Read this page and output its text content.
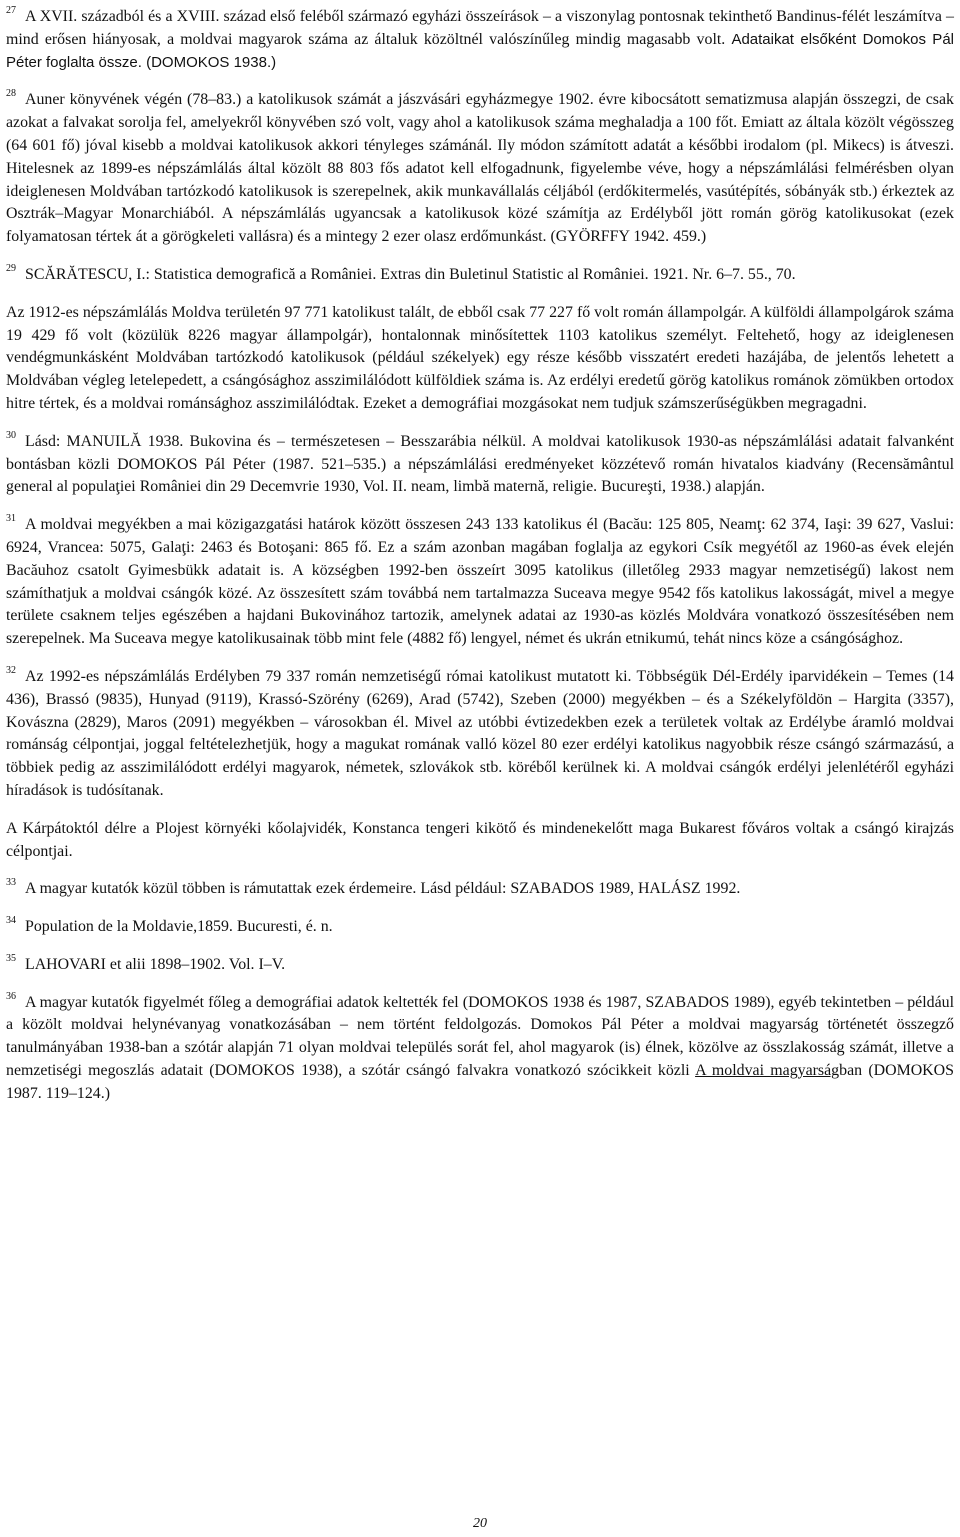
$^{27}$ A XVII. századból és a XVIII. század első feléből származó egyházi összeírások – a viszonylag pontosnak tekinthető Bandinus-félét leszámítva – mind erősen hiányosak, a moldvai magyarok száma az általuk közöltnél valószínűleg mindig magasabb volt. Adataikat elsőként Domokos Pál Péter foglalta össze. (DOMOKOS 1938.)

$^{28}$ Auner könyvének végén (78–83.) a katolikusok számát a jászvásári egyházmegye 1902. évre kibocsátott sematizmusa alapján összegzi, de csak azokat a falvakat sorolja fel, amelyekről könyvében szó volt, vagy ahol a katolikusok száma meghaladja a 100 főt. Emiatt az általa közölt végösszeg (64 601 fő) jóval kisebb a moldvai katolikusok akkori tényleges számánál. Ily módon számított adatát a későbbi irodalom (pl. Mikecs) is átveszi. Hitelesnek az 1899-es népszámlálás által közölt 88 803 fős adatot kell elfogadnunk, figyelembe véve, hogy a népszámlálási felmérésben olyan ideiglenesen Moldvában tartózkodó katolikusok is szerepelnek, akik munkavállalás céljából (erdőkitermelés, vasútépítés, sóbányák stb.) érkeztek az Osztrák–Magyar Monarchiából. A népszámlálás ugyancsak a katolikusok közé számítja az Erdélyből jött román görög katolikusokat (ezek folyamatosan tértek át a görögkeleti vallásra) és a mintegy 2 ezer olasz erdőmunkást. (GYÖRFFY 1942. 459.)

$^{29}$ SCĂRĂTESCU, I.: Statistica demografică a României. Extras din Buletinul Statistic al României. 1921. Nr. 6–7. 55., 70.

Az 1912-es népszámlálás Moldva területén 97 771 katolikust talált, de ebből csak 77 227 fő volt román állampolgár. A külföldi állampolgárok száma 19 429 fő volt (közülük 8226 magyar állampolgár), hontalonnak minősítettek 1103 katolikus személyt. Feltehető, hogy az ideiglenesen vendégmunkásként Moldvában tartózkodó katolikusok (például székelyek) egy része később visszatért eredeti hazájába, de jelentős lehetett a Moldvában végleg letelepedett, a csángósághoz asszimilálódott külföldiek száma is. Az erdélyi eredetű görög katolikus románok zömükben ortodox hitre tértek, és a moldvai románsághoz asszimilálódtak. Ezeket a demográfiai mozgásokat nem tudjuk számszerűségükben megragadni.

$^{30}$ Lásd: MANUILĂ 1938. Bukovina és – természetesen – Besszarábia nélkül. A moldvai katolikusok 1930-as népszámlálási adatait falvanként bontásban közli DOMOKOS Pál Péter (1987. 521–535.) a népszámlálási eredményeket közzétevő román hivatalos kiadvány (Recensământul general al populaţiei României din 29 Decemvrie 1930, Vol. II. neam, limbă maternă, religie. Bucureşti, 1938.) alapján.

$^{31}$ A moldvai megyékben a mai közigazgatási határok között összesen 243 133 katolikus él (Bacău: 125 805, Neamţ: 62 374, Iaşi: 39 627, Vaslui: 6924, Vrancea: 5075, Galaţi: 2463 és Botoşani: 865 fő. Ez a szám azonban magában foglalja az egykori Csík megyétől az 1960-as évek elején Bacăuhoz csatolt Gyimesbükk adatait is. A községben 1992-ben összeírt 3095 katolikus (illetőleg 2933 magyar nemzetiségű) lakost nem számíthatjuk a moldvai csángók közé. Az összesített szám továbbá nem tartalmazza Suceava megye 9542 fős katolikus lakosságát, mivel a megye területe csaknem teljes egészében a hajdani Bukovinához tartozik, amelynek adatai az 1930-as közlés Moldvára vonatkozó összesítésében nem szerepelnek. Ma Suceava megye katolikusainak több mint fele (4882 fő) lengyel, német és ukrán etnikumú, tehát nincs köze a csángósághoz.

$^{32}$ Az 1992-es népszámlálás Erdélyben 79 337 román nemzetiségű római katolikust mutatott ki. Többségük Dél-Erdély iparvidékein – Temes (14 436), Brassó (9835), Hunyad (9119), Krassó-Szörény (6269), Arad (5742), Szeben (2000) megyékben – és a Székelyföldön – Hargita (3357), Kovászna (2829), Maros (2091) megyékben – városokban él. Mivel az utóbbi évtizedekben ezek a területek voltak az Erdélybe áramló moldvai románság célpontjai, joggal feltételezhetjük, hogy a magukat romának valló közel 80 ezer erdélyi katolikus nagyobbik része csángó származású, a többiek pedig az asszimilálódott erdélyi magyarok, németek, szlovákok stb. köréből kerülnek ki. A moldvai csángók erdélyi jelenlétéről egyházi híradások is tudósítanak.

A Kárpátoktól délre a Plojest környéki kőolajvidék, Konstanca tengeri kikötő és mindenekelőtt maga Bukarest főváros voltak a csángó kirajzás célpontjai.

$^{33}$ A magyar kutatók közül többen is rámutattak ezek érdemeire. Lásd például: SZABADOS 1989, HALÁSZ 1992.

$^{34}$ Population de la Moldavie,1859. Bucuresti, é. n.

$^{35}$ LAHOVARI et alii 1898–1902. Vol. I–V.

$^{36}$ A magyar kutatók figyelmét főleg a demográfiai adatok keltették fel (DOMOKOS 1938 és 1987, SZABADOS 1989), egyéb tekintetben – például a közölt moldvai helynévanyag vonatkozásában – nem történt feldolgozás. Domokos Pál Péter a moldvai magyarság történetét összegző tanulmányában 1938-ban a szótár alapján 71 olyan moldvai település sorát fel, ahol magyarok (is) élnek, közölve az összlakosság számát, illetve a nemzetiségi megoszlás adatait (DOMOKOS 1938), a szótár csángó falvakra vonatkozó szócikkeit közli A moldvai magyarságban (DOMOKOS 1987. 119–124.)

20
